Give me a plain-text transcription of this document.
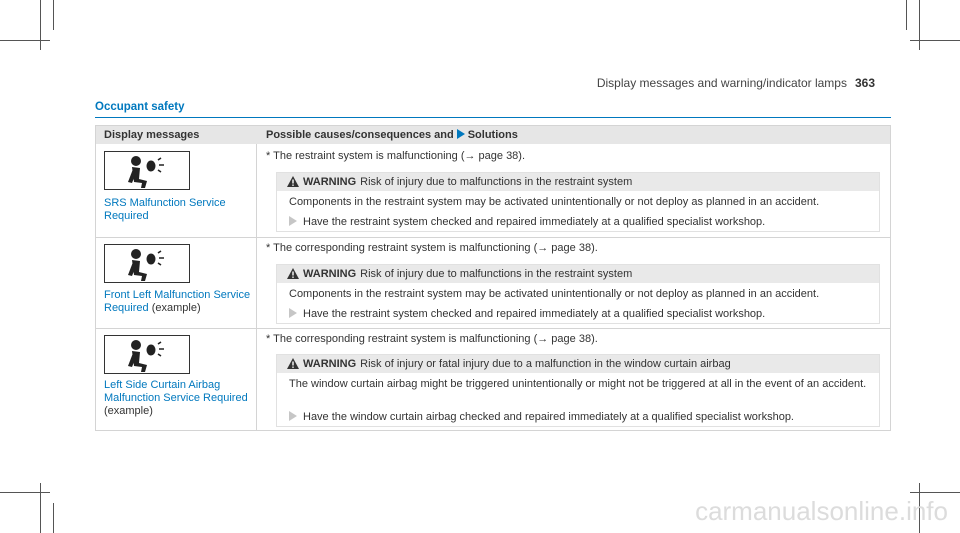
Display messages and warning/indicator lamps 363
Occupant safety
Display messages	Possible causes/consequences and Solutions
SRS Malfunction Service Required
* The restraint system is malfunctioning (→ page 38).
WARNING Risk of injury due to malfunctions in the restraint system
Components in the restraint system may be activated unintentionally or not deploy as planned in an accident.
Have the restraint system checked and repaired immediately at a qualified specialist workshop.
Front Left Malfunction Service Required (example)
* The corresponding restraint system is malfunctioning (→ page 38).
WARNING Risk of injury due to malfunctions in the restraint system
Components in the restraint system may be activated unintentionally or not deploy as planned in an accident.
Have the restraint system checked and repaired immediately at a qualified specialist workshop.
Left Side Curtain Airbag Malfunction Service Required (example)
* The corresponding restraint system is malfunctioning (→ page 38).
WARNING Risk of injury or fatal injury due to a malfunction in the window curtain airbag
The window curtain airbag might be triggered unintentionally or might not be triggered at all in the event of an accident.
Have the window curtain airbag checked and repaired immediately at a qualified specialist workshop.
carmanualsonline.info
